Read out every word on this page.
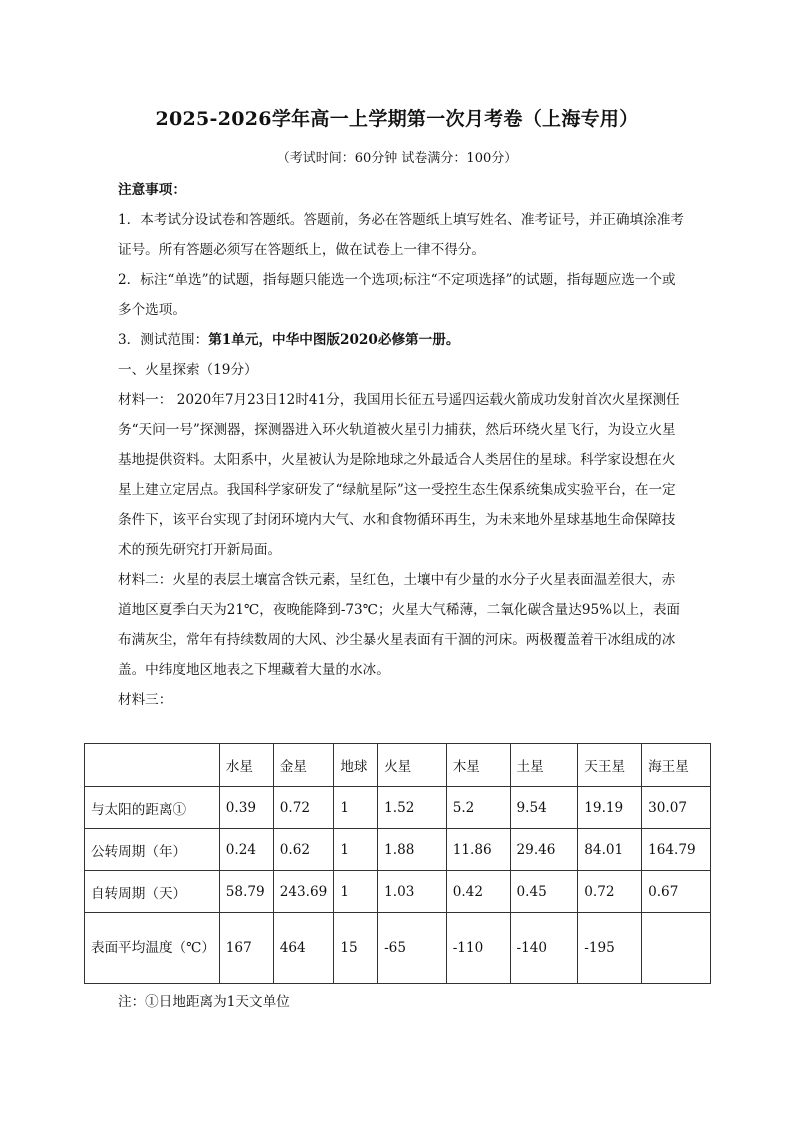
2025-2026学年高一上学期第一次月考卷（上海专用）
（考试时间：60分钟 试卷满分：100分）

注意事项：

1．本考试分设试卷和答题纸。答题前，务必在答题纸上填写姓名、准考证号，并正确填涂准考证号。所有答题必须写在答题纸上，做在试卷上一律不得分。

2．标注“单选”的试题，指每题只能选一个选项;标注“不定项选择”的试题，指每题应选一个或多个选项。

3．测试范围：第1单元，中华中图版2020必修第一册。

一、火星探索（19分）

材料一： 2020年7月23日12时41分，我国用长征五号遥四运载火箭成功发射首次火星探测任务“天问一号”探测器，探测器进入环火轨道被火星引力捕获，然后环绕火星飞行，为设立火星基地提供资料。太阳系中，火星被认为是除地球之外最适合人类居住的星球。科学家设想在火星上建立定居点。我国科学家研发了“绿航星际”这一受控生态生保系统集成实验平台，在一定条件下，该平台实现了封闭环境内大气、水和食物循环再生，为未来地外星球基地生命保障技术的预先研究打开新局面。

材料二：火星的表层土壤富含铁元素，呈红色，土壤中有少量的水分子火星表面温差很大，赤道地区夏季白天为21℃，夜晚能降到-73℃；火星大气稀薄，二氧化碳含量达95%以上，表面布满灰尘，常年有持续数周的大风、沙尘暴火星表面有干涸的河床。两极覆盖着干冰组成的冰盖。中纬度地区地表之下埋藏着大量的水冰。

材料三：

	水星	金星	地球	火星	木星	土星	天王星	海王星
与太阳的距离①	0.39	0.72	1	1.52	5.2	9.54	19.19	30.07
公转周期（年）	0.24	0.62	1	1.88	11.86	29.46	84.01	164.79
自转周期（天）	58.79	243.69	1	1.03	0.42	0.45	0.72	0.67
表面平均温度（℃）	167	464	15	-65	-110	-140	-195	
注：①日地距离为1天文单位
